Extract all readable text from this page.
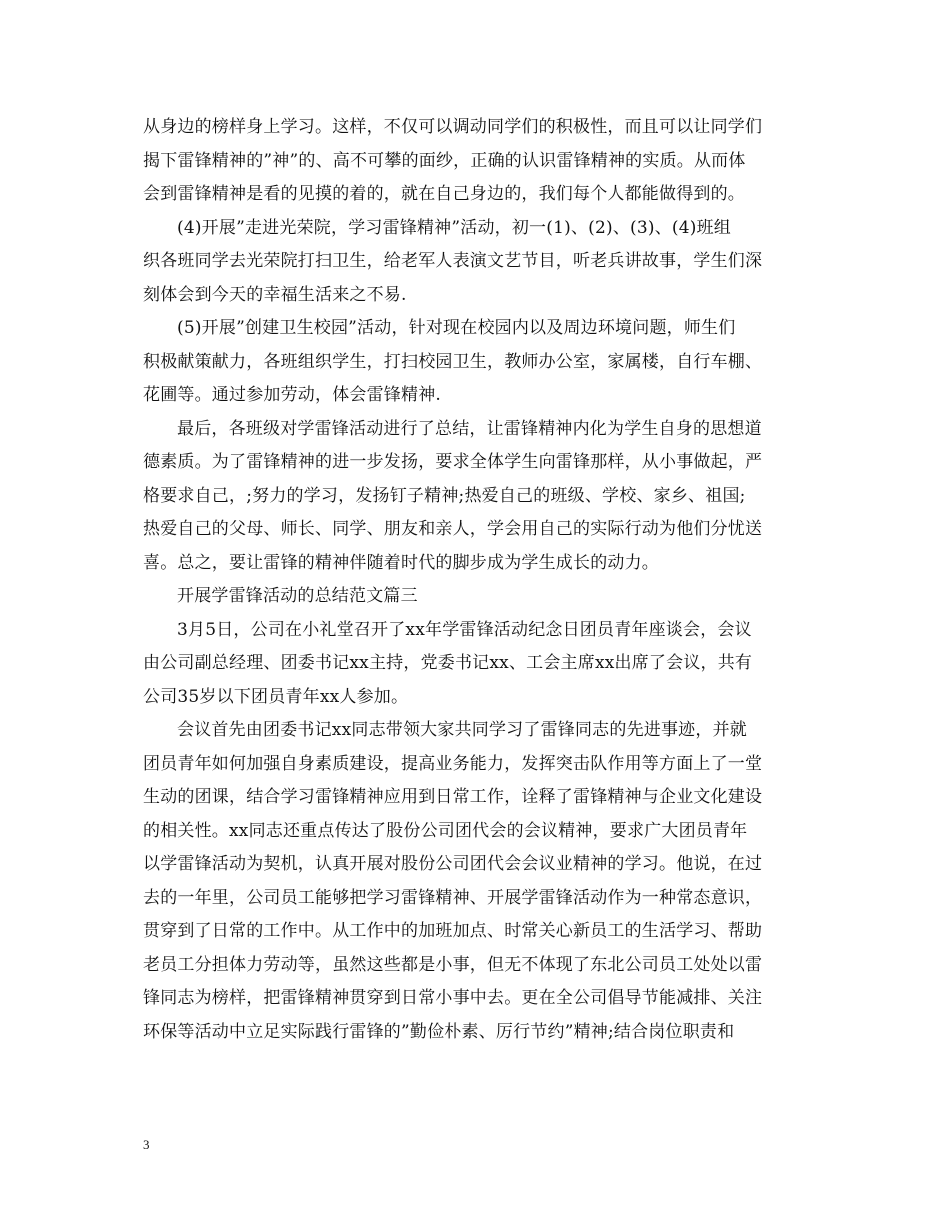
从身边的榜样身上学习。这样，不仅可以调动同学们的积极性，而且可以让同学们
揭下雷锋精神的”神”的、高不可攀的面纱，正确的认识雷锋精神的实质。从而体
会到雷锋精神是看的见摸的着的，就在自己身边的，我们每个人都能做得到的。
(4)开展”走进光荣院，学习雷锋精神”活动，初一(1)、(2)、(3)、(4)班组
织各班同学去光荣院打扫卫生，给老军人表演文艺节目，听老兵讲故事，学生们深
刻体会到今天的幸福生活来之不易.
(5)开展”创建卫生校园”活动，针对现在校园内以及周边环境问题，师生们
积极献策献力，各班组织学生，打扫校园卫生，教师办公室，家属楼，自行车棚、
花圃等。通过参加劳动，体会雷锋精神.
最后，各班级对学雷锋活动进行了总结，让雷锋精神内化为学生自身的思想道
德素质。为了雷锋精神的进一步发扬，要求全体学生向雷锋那样，从小事做起，严
格要求自己，;努力的学习，发扬钉子精神;热爱自己的班级、学校、家乡、祖国;
热爱自己的父母、师长、同学、朋友和亲人，学会用自己的实际行动为他们分忧送
喜。总之，要让雷锋的精神伴随着时代的脚步成为学生成长的动力。
开展学雷锋活动的总结范文篇三
3月5日，公司在小礼堂召开了xx年学雷锋活动纪念日团员青年座谈会，会议
由公司副总经理、团委书记xx主持，党委书记xx、工会主席xx出席了会议，共有
公司35岁以下团员青年xx人参加。
会议首先由团委书记xx同志带领大家共同学习了雷锋同志的先进事迹，并就
团员青年如何加强自身素质建设，提高业务能力，发挥突击队作用等方面上了一堂
生动的团课，结合学习雷锋精神应用到日常工作，诠释了雷锋精神与企业文化建设
的相关性。xx同志还重点传达了股份公司团代会的会议精神，要求广大团员青年
以学雷锋活动为契机，认真开展对股份公司团代会会议业精神的学习。他说，在过
去的一年里，公司员工能够把学习雷锋精神、开展学雷锋活动作为一种常态意识，
贯穿到了日常的工作中。从工作中的加班加点、时常关心新员工的生活学习、帮助
老员工分担体力劳动等，虽然这些都是小事，但无不体现了东北公司员工处处以雷
锋同志为榜样，把雷锋精神贯穿到日常小事中去。更在全公司倡导节能减排、关注
环保等活动中立足实际践行雷锋的”勤俭朴素、厉行节约”精神;结合岗位职责和
3
